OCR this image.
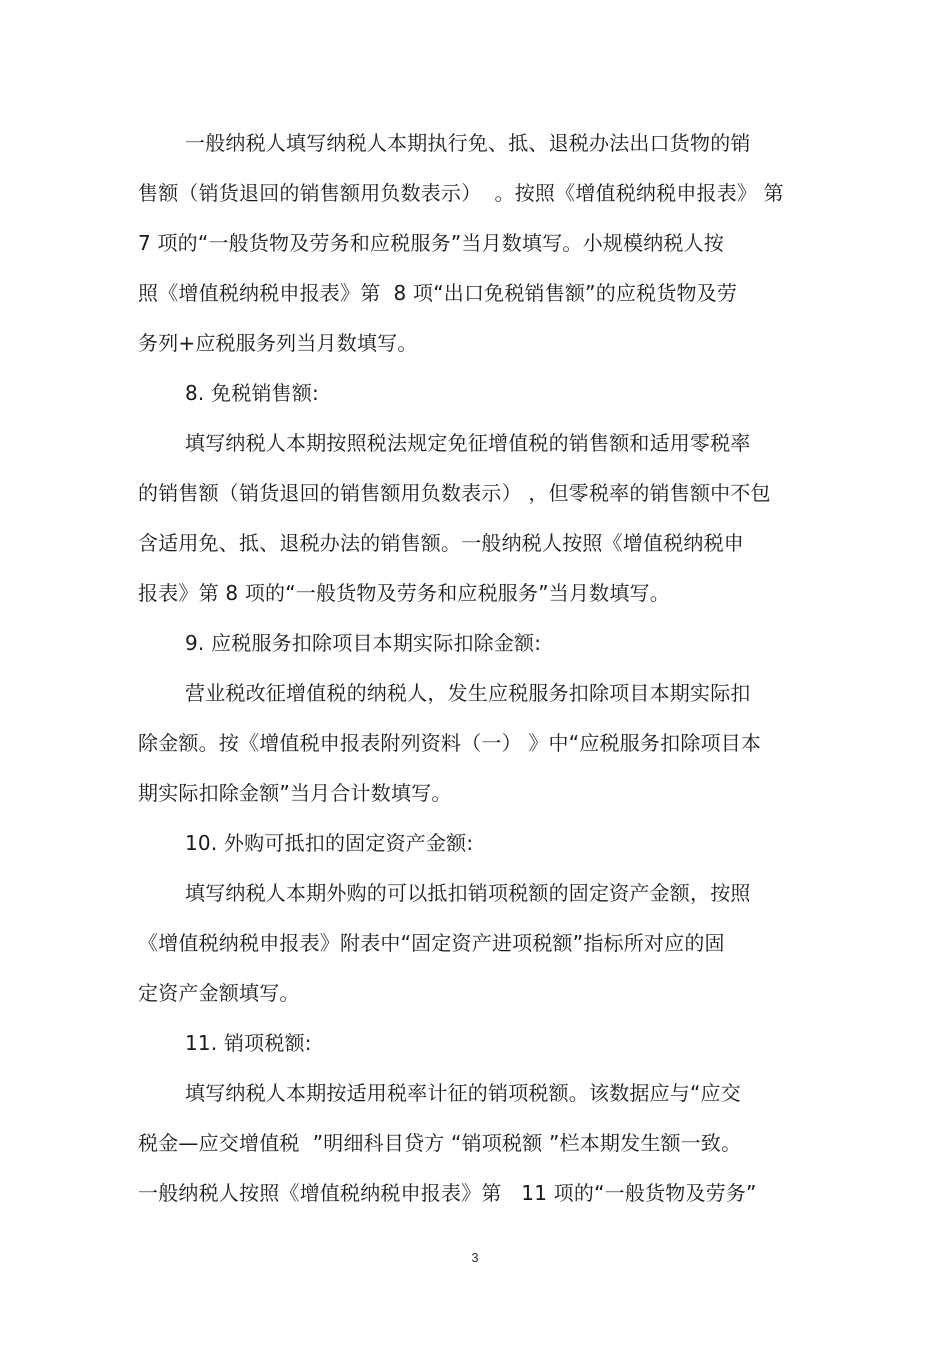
一般纳税人填写纳税人本期执行免、抵、退税办法出口货物的销
售额（销货退回的销售额用负数表示）  。按照《增值税纳税申报表》 第
7 项的“一般货物及劳务和应税服务”当月数填写。小规模纳税人按
照《增值税纳税申报表》第  8 项“出口免税销售额”的应税货物及劳
务列+应税服务列当月数填写。
8. 免税销售额:
填写纳税人本期按照税法规定免征增值税的销售额和适用零税率
的销售额（销货退回的销售额用负数表示） ，但零税率的销售额中不包
含适用免、抵、退税办法的销售额。一般纳税人按照《增值税纳税申
报表》第 8 项的“一般货物及劳务和应税服务”当月数填写。
9. 应税服务扣除项目本期实际扣除金额:
营业税改征增值税的纳税人，发生应税服务扣除项目本期实际扣
除金额。按《增值税申报表附列资料（一） 》中“应税服务扣除项目本
期实际扣除金额”当月合计数填写。
10. 外购可抵扣的固定资产金额:
填写纳税人本期外购的可以抵扣销项税额的固定资产金额，按照
《增值税纳税申报表》附表中“固定资产进项税额”指标所对应的固
定资产金额填写。
11. 销项税额:
填写纳税人本期按适用税率计征的销项税额。该数据应与“应交
税金—应交增值税  ”明细科目贷方 “销项税额 ”栏本期发生额一致。
一般纳税人按照《增值税纳税申报表》第   11 项的“一般货物及劳务”
3
